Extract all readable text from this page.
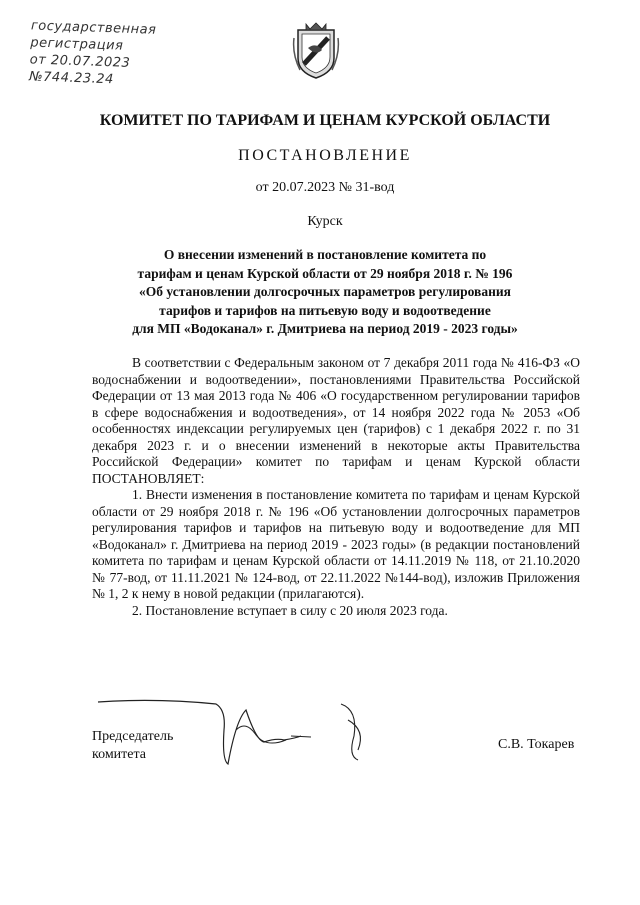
государственная
регистрация
от 20.07.2023
№744.23.24
КОМИТЕТ ПО ТАРИФАМ И ЦЕНАМ КУРСКОЙ ОБЛАСТИ
ПОСТАНОВЛЕНИЕ
от 20.07.2023 № 31-вод
Курск
О внесении изменений в постановление комитета по
тарифам и ценам Курской области от 29 ноября 2018 г. № 196
«Об установлении долгосрочных параметров регулирования
тарифов и тарифов на питьевую воду и водоотведение
для МП «Водоканал» г. Дмитриева на период 2019 - 2023 годы»

В соответствии с Федеральным законом от 7 декабря 2011 года № 416-ФЗ «О водоснабжении и водоотведении», постановлениями Правительства Российской Федерации от 13 мая 2013 года № 406 «О государственном регулировании тарифов в сфере водоснабжения и водоотведения», от 14 ноября 2022 года № 2053 «Об особенностях индексации регулируемых цен (тарифов) с 1 декабря 2022 г. по 31 декабря 2023 г. и о внесении изменений в некоторые акты Правительства Российской Федерации» комитет по тарифам и ценам Курской области ПОСТАНОВЛЯЕТ:

1. Внести изменения в постановление комитета по тарифам и ценам Курской области от 29 ноября 2018 г. № 196 «Об установлении долгосрочных параметров регулирования тарифов и тарифов на питьевую воду и водоотведение для МП «Водоканал» г. Дмитриева на период 2019 - 2023 годы» (в редакции постановлений комитета по тарифам и ценам Курской области от 14.11.2019 № 118, от 21.10.2020 № 77-вод, от 11.11.2021 № 124-вод, от 22.11.2022 №144-вод), изложив Приложения № 1, 2 к нему в новой редакции (прилагаются).

2. Постановление вступает в силу с 20 июля 2023 года.

Председатель
комитета
С.В. Токарев
